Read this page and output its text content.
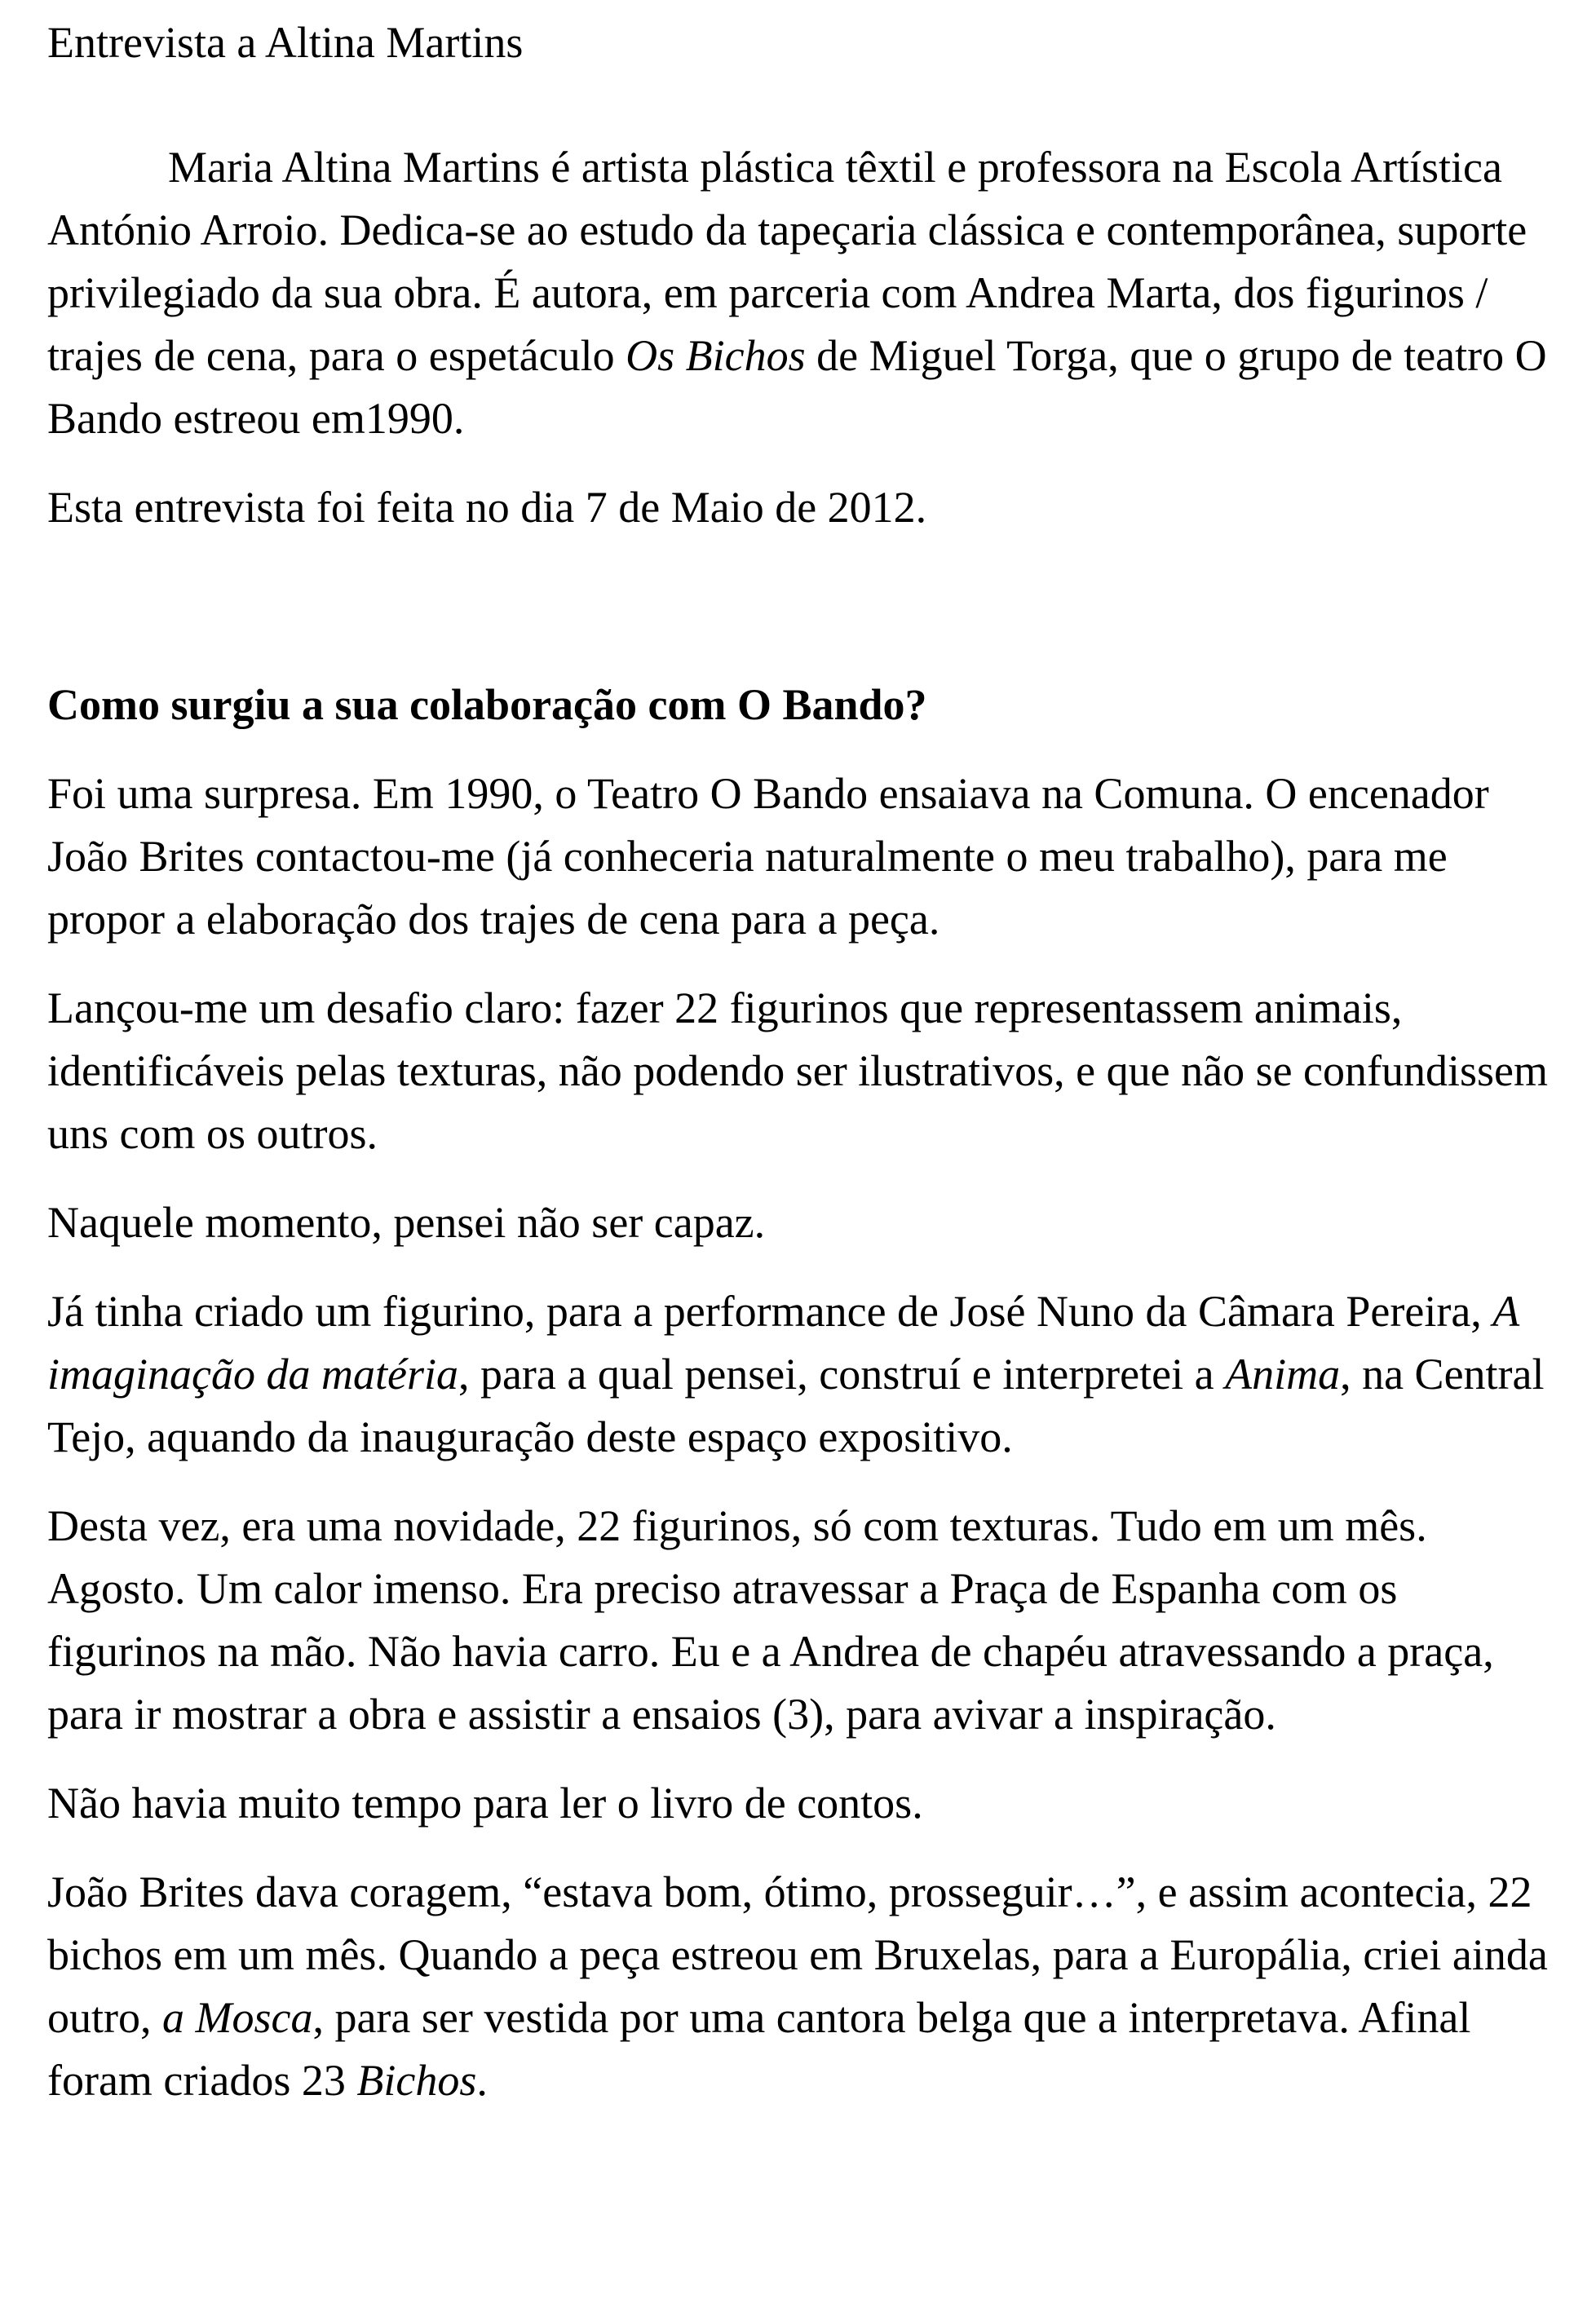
Entrevista a Altina Martins

Maria Altina Martins é artista plástica têxtil e professora na Escola Artística António Arroio. Dedica-se ao estudo da tapeçaria clássica e contemporânea, suporte privilegiado da sua obra. É autora, em parceria com Andrea Marta, dos figurinos / trajes de cena, para o espetáculo Os Bichos de Miguel Torga, que o grupo de teatro O Bando estreou em1990.

Esta entrevista foi feita no dia 7 de Maio de 2012.

Como surgiu a sua colaboração com O Bando?

Foi uma surpresa. Em 1990, o Teatro O Bando ensaiava na Comuna. O encenador João Brites contactou-me (já conheceria naturalmente o meu trabalho), para me propor a elaboração dos trajes de cena para a peça.

Lançou-me um desafio claro: fazer 22 figurinos que representassem animais, identificáveis pelas texturas, não podendo ser ilustrativos, e que não se confundissem uns com os outros.

Naquele momento, pensei não ser capaz.

Já tinha criado um figurino, para a performance de José Nuno da Câmara Pereira, A imaginação da matéria, para a qual pensei, construí e interpretei a Anima, na Central Tejo, aquando da inauguração deste espaço expositivo.

Desta vez, era uma novidade, 22 figurinos, só com texturas. Tudo em um mês. Agosto. Um calor imenso. Era preciso atravessar a Praça de Espanha com os figurinos na mão. Não havia carro. Eu e a Andrea de chapéu atravessando a praça, para ir mostrar a obra e assistir a ensaios (3), para avivar a inspiração.

Não havia muito tempo para ler o livro de contos.

João Brites dava coragem, “estava bom, ótimo, prosseguir…”, e assim acontecia, 22 bichos em um mês. Quando a peça estreou em Bruxelas, para a Europália, criei ainda outro, a Mosca, para ser vestida por uma cantora belga que a interpretava. Afinal foram criados 23 Bichos.
